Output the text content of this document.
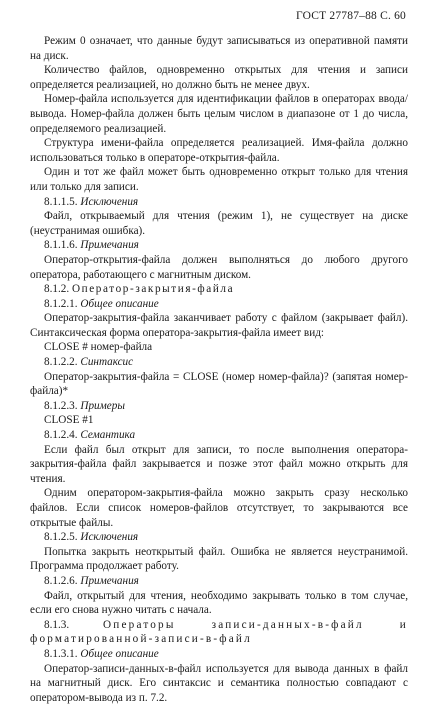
ГОСТ 27787–88 С. 60

Режим 0 означает, что данные будут записываться из оперативной памяти на диск.

Количество файлов, одновременно открытых для чтения и записи определяется реализацией, но должно быть не менее двух.

Номер-файла используется для идентификации файлов в операторах ввода/вывода. Номер-файла должен быть целым числом в диапазоне от 1 до числа, определяемого реализацией.

Структура имени-файла определяется реализацией. Имя-файла должно использоваться только в операторе-открытия-файла.

Один и тот же файл может быть одновременно открыт только для чтения или только для записи.

8.1.1.5. Исключения

Файл, открываемый для чтения (режим 1), не существует на диске (неустранимая ошибка).

8.1.1.6. Примечания

Оператор-открытия-файла должен выполняться до любого другого оператора, работающего с магнитным диском.

8.1.2. Оператор-закрытия-файла

8.1.2.1. Общее описание

Оператор-закрытия-файла заканчивает работу с файлом (закрывает файл). Синтаксическая форма оператора-закрытия-файла имеет вид:

CLOSE # номер-файла

8.1.2.2. Синтаксис

Оператор-закрытия-файла = CLOSE (номер номер-файла)? (запятая номер-файла)*

8.1.2.3. Примеры

CLOSE #1

8.1.2.4. Семантика

Если файл был открыт для записи, то после выполнения оператора-закрытия-файла файл закрывается и позже этот файл можно открыть для чтения.

Одним оператором-закрытия-файла можно закрыть сразу несколько файлов. Если список номеров-файлов отсутствует, то закрываются все открытые файлы.

8.1.2.5. Исключения

Попытка закрыть неоткрытый файл. Ошибка не является неустранимой. Программа продолжает работу.

8.1.2.6. Примечания

Файл, открытый для чтения, необходимо закрывать только в том случае, если его снова нужно читать с начала.

8.1.3.	Операторы записи-данных-в-файл и форматированной-записи-в-файл

8.1.3.1. Общее описание

Оператор-записи-данных-в-файл используется для вывода данных в файл на магнитный диск. Его синтаксис и семантика полностью совпадают с оператором-вывода из п. 7.2.
